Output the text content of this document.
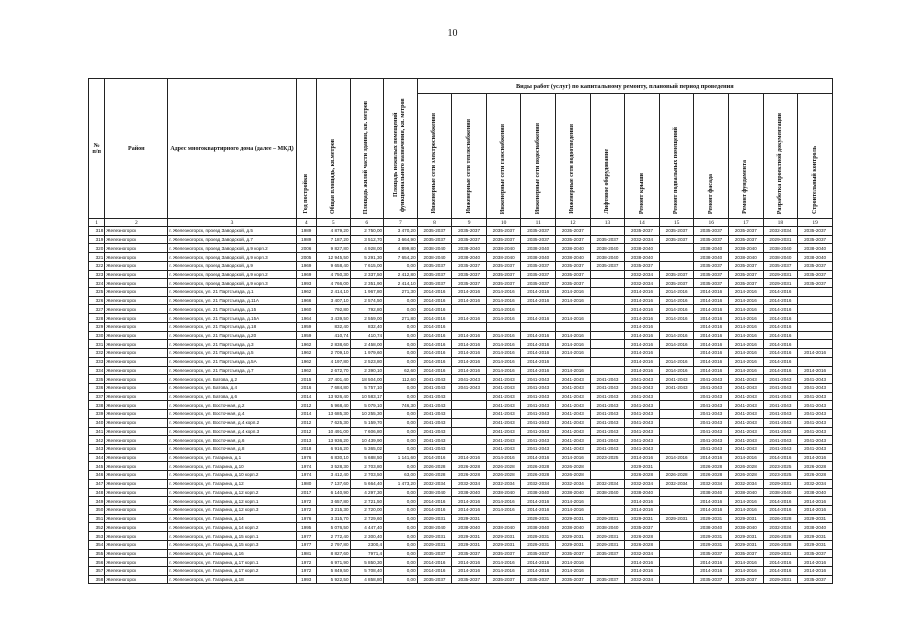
10
№
п/п	Район	Адрес многоквартирного дома (далее – МКД)	Год постройки	Общая площадь, кв.метров	Площадь жилой части здания, кв. метров	Площадь нежилых помещений функционального назначения, кв. метров	Виды работ (услуг) по капитальному ремонту, плановый период проведения											

							Инженерные сети электроснабжения	Инженерные сети теплоснабжения	Инженерные сети газоснабжения	Инженерные сети водоснабжения	Инженерные сети водоотведения	Лифтовое оборудование	Ремонт крыши	Ремонт подвальных помещений	Ремонт фасада	Ремонт фундамента	Разработка проектной документации	Строительный контроль

1	2	3	4	5	6	7	8	9	10	11	12	13	14	15	16	17	18	19
318	Железногорск	г. Железногорск, проезд Заводской, д.5	1989	4 879,20	2 750,00	3 470,20	2035-2037	2035-2037	2035-2037	2035-2037	2035-2037		2035-2037	2035-2037	2035-2037	2035-2037	2032-2034	2035-2037
319	Железногорск	г. Железногорск, проезд Заводской, д.7	1989	7 187,20	3 512,70	3 664,90	2035-2037	2035-2037	2035-2037	2035-2037	2035-2037	2035-2037	2032-2034	2035-2037	2035-2037	2035-2037	2029-2031	2035-2037
320	Железногорск	г. Железногорск, проезд Заводской, д.9 корп.2	2006	9 827,80	4 928,00	4 899,80	2038-2040	2038-2040	2038-2040	2038-2040	2038-2040	2038-2040	2038-2040		2038-2040	2038-2040	2038-2040	2038-2040
321	Железногорск	г. Железногорск, проезд Заводской, д.9 корп.3	2005	12 945,50	5 291,30	7 654,20	2038-2040	2038-2040	2038-2040	2038-2040	2038-2040	2038-2040	2038-2040		2038-2040	2038-2040	2038-2040	2038-2040
322	Железногорск	г. Железногорск, проезд Заводской, д.9	1969	9 658,40	7 615,00	0,00	2035-2037	2035-2037	2035-2037	2035-2037	2035-2037	2035-2037	2035-2037		2035-2037	2035-2037	2035-2037	2035-2037
323	Железногорск	г. Железногорск, проезд Заводской, д.9 корп.2	1969	4 750,30	2 337,50	2 412,80	2035-2037	2035-2037	2035-2037	2035-2037	2035-2037		2032-2034	2035-2037	2035-2037	2035-2037	2029-2031	2035-2037
324	Железногорск	г. Железногорск, проезд Заводской, д.9 корп.3	1993	4 766,00	2 351,90	2 414,10	2035-2037	2035-2037	2035-2037	2035-2037	2035-2037		2032-2034	2035-2037	2035-2037	2035-2037	2029-2031	2035-2037
325	Железногорск	г. Железногорск, ул. 21 Партсъезда, д.1	1962	2 414,10	1 967,80	271,30	2014-2016	2014-2016	2014-2016	2014-2016	2014-2016		2014-2016	2014-2016	2014-2016	2014-2016	2014-2016	
326	Железногорск	г. Железногорск, ул. 21 Партсъезда, д.11А	1966	3 407,10	2 574,50	0,00	2014-2016	2014-2016	2014-2016	2014-2016	2014-2016		2014-2016	2014-2016	2014-2016	2014-2016	2014-2016	
327	Железногорск	г. Железногорск, ул. 21 Партсъезда, д.15	1960	792,80	792,80	0,00	2014-2016		2014-2016				2014-2016	2014-2016	2014-2016	2014-2016	2014-2016	
328	Железногорск	г. Железногорск, ул. 21 Партсъезда, д.15А	1964	3 439,50	2 559,00	271,80	2014-2016	2014-2016	2014-2016	2014-2016	2014-2016		2014-2016	2014-2016	2014-2016	2014-2016	2014-2016	
329	Железногорск	г. Железногорск, ул. 21 Партсъезда, д.18	1959	832,40	832,40	0,00	2014-2016						2014-2016		2014-2016	2014-2016	2014-2016	
330	Железногорск	г. Железногорск, ул. 21 Партсъезда, д.20	1959	410,74	410,74	0,00	2014-2016	2014-2016	2014-2016	2014-2016	2014-2016		2014-2016	2014-2016	2014-2016	2014-2016	2014-2016	
331	Железногорск	г. Железногорск, ул. 21 Партсъезда, д.3	1962	2 838,60	2 458,00	0,00	2014-2016	2014-2016	2014-2016	2014-2016	2014-2016		2014-2016	2014-2016	2014-2016	2014-2016	2014-2016	
332	Железногорск	г. Железногорск, ул. 21 Партсъезда, д.5	1962	2 709,10	1 979,60	0,00	2014-2016	2014-2016	2014-2016	2014-2016	2014-2016		2014-2016		2014-2016	2014-2016	2014-2016	2014-2016
333	Железногорск	г. Железногорск, ул. 21 Партсъезда, д.5А	1962	4 197,80	2 523,80	0,00	2014-2016	2014-2016	2014-2016	2014-2016			2014-2016	2014-2016	2014-2016	2014-2016	2014-2016	
334	Железногорск	г. Железногорск, ул. 21 Партсъезда, д.7	1962	2 672,70	2 390,10	62,60	2014-2016	2014-2016	2014-2016	2014-2016	2014-2016		2014-2016	2014-2016	2014-2016	2014-2016	2014-2016	2014-2016
335	Железногорск	г. Железногорск, ул. Батова, д.2	2015	27 401,40	18 504,00	112,60	2041-2043	2041-2043	2041-2043	2041-2043	2041-2043	2041-2043	2041-2043	2041-2043	2041-2043	2041-2043	2041-2043	2041-2043
336	Железногорск	г. Железногорск, ул. Батова, д.4	2016	7 684,80	5 757,10	0,00	2041-2043	2041-2043	2041-2043	2041-2043	2041-2043	2041-2043	2041-2043	2041-2043	2041-2043	2041-2043	2041-2043	2041-2043
337	Железногорск	г. Железногорск, ул. Батова, д.6	2014	13 926,40	10 583,17	0,00	2041-2043		2041-2043	2041-2043	2041-2043	2041-2043	2041-2043		2041-2043	2041-2043	2041-2043	2041-2043
338	Железногорск	г. Железногорск, ул. Восточная, д.2	2012	5 968,40	5 079,10	746,30	2041-2043		2041-2043	2041-2043	2041-2043	2041-2043	2041-2043		2041-2043	2041-2043	2041-2043	2041-2043
339	Железногорск	г. Железногорск, ул. Восточная, д.4	2014	13 685,30	10 255,30	0,00	2041-2043		2041-2043	2041-2043	2041-2043	2041-2043	2041-2043		2041-2043	2041-2043	2041-2043	2041-2043
340	Железногорск	г. Железногорск, ул. Восточная, д.4 корп.2	2012	7 625,30	5 159,70	0,00	2041-2043		2041-2043	2041-2043	2041-2043	2041-2043	2041-2043		2041-2043	2041-2043	2041-2043	2041-2043
341	Железногорск	г. Железногорск, ул. Восточная, д.4 корп.3	2012	10 491,00	7 606,80	0,00	2041-2043		2041-2043	2041-2043	2041-2043	2041-2043	2041-2043		2041-2043	2041-2043	2041-2043	2041-2043
342	Железногорск	г. Железногорск, ул. Восточная, д.6	2013	13 936,20	10 439,90	0,00	2041-2043		2041-2043	2041-2043	2041-2043	2041-2043	2041-2043		2041-2043	2041-2043	2041-2043	2041-2043
343	Железногорск	г. Железногорск, ул. Восточная, д.8	2018	6 916,20	5 365,02	0,00	2041-2043		2041-2043	2041-2043	2041-2043	2041-2043	2041-2043		2041-2043	2041-2043	2041-2043	2041-2043
344	Железногорск	г. Железногорск, ул. Гагарина, д.1	1976	6 830,10	5 688,50	1 141,60	2014-2016	2014-2016	2014-2016	2014-2016	2014-2016	2023-2025	2014-2016	2014-2016	2014-2016	2014-2016	2014-2016	2014-2016
345	Железногорск	г. Железногорск, ул. Гагарина, д.10	1974	3 528,30	2 703,80	0,00	2026-2028	2026-2028	2026-2028	2026-2028	2026-2028		2029-2031		2026-2028	2026-2028	2023-2025	2026-2028
346	Железногорск	г. Железногорск, ул. Гагарина, д.10 корп.2	1974	3 412,40	2 703,50	63,00	2026-2028	2026-2028	2026-2028	2026-2028	2026-2028		2026-2028	2026-2028	2026-2028	2026-2028	2023-2025	2026-2028
347	Железногорск	г. Железногорск, ул. Гагарина, д.12	1980	7 137,60	5 664,40	1 473,20	2032-2034	2032-2034	2032-2034	2032-2034	2032-2034	2032-2034	2032-2034	2032-2034	2032-2034	2032-2034	2029-2031	2032-2034
348	Железногорск	г. Железногорск, ул. Гагарина, д.12 корп.2	2017	6 140,90	4 297,30	0,00	2038-2040	2038-2040	2038-2040	2038-2040	2038-2040	2038-2040	2038-2040		2038-2040	2038-2040	2038-2040	2038-2040
349	Железногорск	г. Железногорск, ул. Гагарина, д.12 корп.1	1972	3 657,80	2 721,50	0,00	2014-2016	2014-2016	2014-2016	2014-2016	2014-2016		2014-2016		2014-2016	2014-2016	2014-2016	2014-2016
350	Железногорск	г. Железногорск, ул. Гагарина, д.12 корп.3	1972	3 215,30	2 720,00	0,00	2014-2016	2014-2016	2014-2016	2014-2016	2014-2016		2014-2016		2014-2016	2014-2016	2014-2016	2014-2016
351	Железногорск	г. Железногорск, ул. Гагарина, д.14	1976	3 315,70	2 729,60	0,00	2029-2031	2029-2031		2029-2031	2029-2031	2029-2031	2029-2031	2029-2031	2029-2031	2029-2031	2026-2028	2029-2031
352	Железногорск	г. Железногорск, ул. Гагарина, д.14 корп.2	1995	5 076,50	4 447,40	0,00	2038-2040	2038-2040	2038-2040	2038-2040	2038-2040	2038-2040	2035-2037		2038-2040	2038-2040	2032-2034	2038-2040
353	Железногорск	г. Железногорск, ул. Гагарина, д.15 корп.1	1977	2 772,40	2 300,40	0,00	2029-2031	2029-2031	2029-2031	2029-2031	2029-2031	2029-2031	2026-2028		2029-2031	2029-2031	2026-2028	2029-2031
354	Железногорск	г. Железногорск, ул. Гагарина, д.15 корп.3	1977	2 797,80	2300,4	0,00	2029-2031	2029-2031	2029-2031	2029-2031	2029-2031	2029-2031	2026-2028		2029-2031	2029-2031	2026-2028	2029-2031
355	Железногорск	г. Железногорск, ул. Гагарина, д.16	1981	8 827,60	7971,4	0,00	2035-2037	2035-2037	2035-2037	2035-2037	2035-2037	2035-2037	2032-2034		2035-2037	2035-2037	2029-2031	2035-2037
356	Железногорск	г. Железногорск, ул. Гагарина, д.17 корп.1	1972	6 971,90	5 850,30	0,00	2014-2016	2014-2016	2014-2016	2014-2016	2014-2016		2014-2016		2014-2016	2014-2016	2014-2016	2014-2016
357	Железногорск	г. Железногорск, ул. Гагарина, д.17 корп.2	1972	5 849,50	5 708,40	0,00	2014-2016	2014-2016	2014-2016	2014-2016	2014-2016		2014-2016		2014-2016	2014-2016	2014-2016	2014-2016
358	Железногорск	г. Железногорск, ул. Гагарина, д.18	1993	5 922,50	4 858,80	0,00	2035-2037	2035-2037	2035-2037	2035-2037	2035-2037	2035-2037	2032-2034		2035-2037	2035-2037	2029-2031	2035-2037
